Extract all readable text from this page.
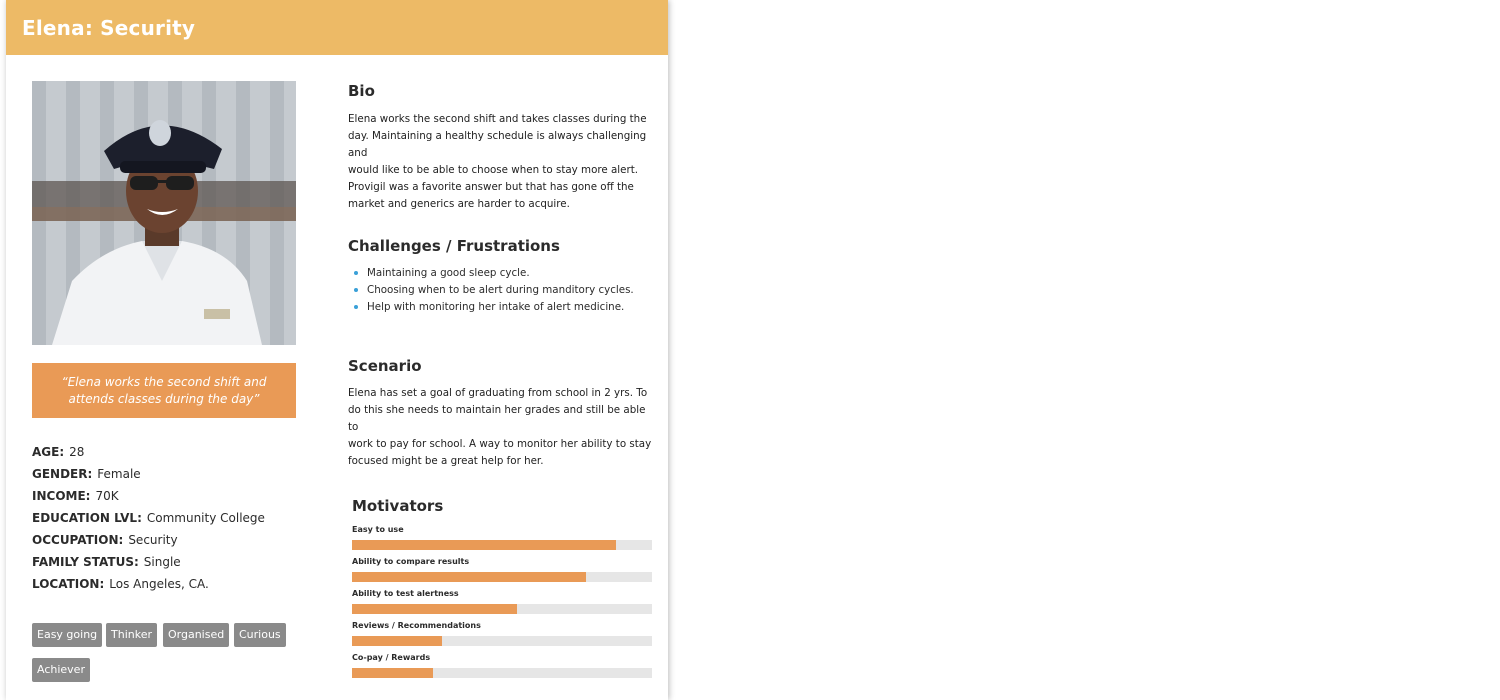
Elena: Security
“Elena works the second shift and attends classes during the day”
AGE: 28
GENDER: Female
INCOME: 70K
EDUCATION LVL: Community College
OCCUPATION: Security
FAMILY STATUS: Single
LOCATION: Los Angeles, CA.
Easy going	Thinker	Organised	Curious
Achiever
Bio
Elena works the second shift and takes classes during the
day. Maintaining a healthy schedule is always challenging and
would like to be able to choose when to stay more alert.
Provigil was a favorite answer but that has gone off the
market and generics are harder to acquire.
Challenges / Frustrations
Maintaining a good sleep cycle.
Choosing when to be alert during manditory cycles.
Help with monitoring her intake of alert medicine.
Scenario
Elena has set a goal of graduating from school in 2 yrs. To
do this she needs to maintain her grades and still be able to
work to pay for school. A way to monitor her ability to stay
focused might be a great help for her.
Motivators
Easy to use
Ability to compare results
Ability to test alertness
Reviews / Recommendations
Co-pay / Rewards
